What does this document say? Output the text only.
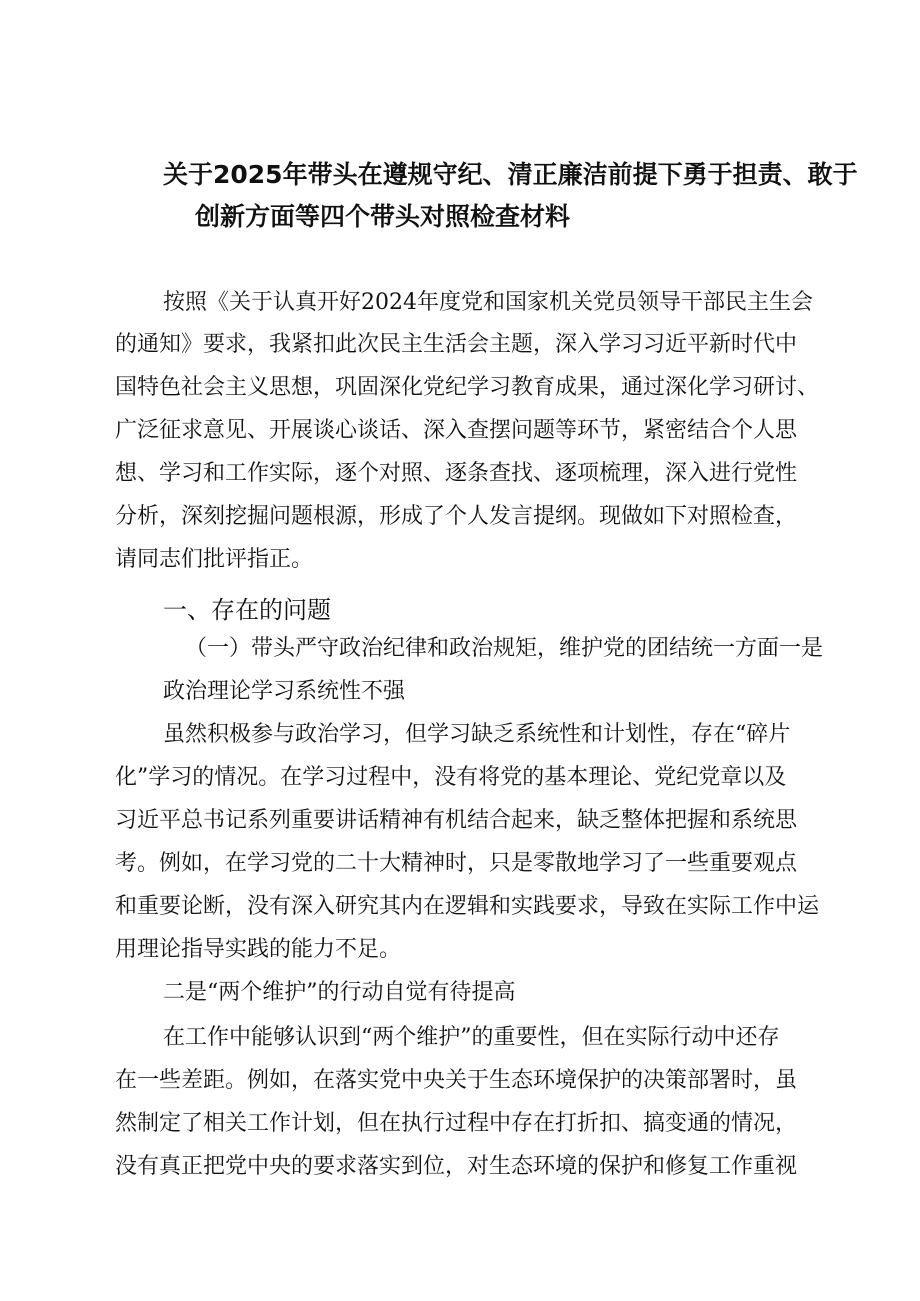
关于2025年带头在遵规守纪、清正廉洁前提下勇于担责、敢于
创新方面等四个带头对照检查材料
按照《关于认真开好2024年度党和国家机关党员领导干部民主生会
的通知》要求，我紧扣此次民主生活会主题，深入学习习近平新时代中
国特色社会主义思想，巩固深化党纪学习教育成果，通过深化学习研讨、
广泛征求意见、开展谈心谈话、深入查摆问题等环节，紧密结合个人思
想、学习和工作实际，逐个对照、逐条查找、逐项梳理，深入进行党性
分析，深刻挖掘问题根源，形成了个人发言提纲。现做如下对照检查，
请同志们批评指正。
一、存在的问题
（一）带头严守政治纪律和政治规矩，维护党的团结统一方面一是
政治理论学习系统性不强
虽然积极参与政治学习，但学习缺乏系统性和计划性，存在“碎片
化”学习的情况。在学习过程中，没有将党的基本理论、党纪党章以及
习近平总书记系列重要讲话精神有机结合起来，缺乏整体把握和系统思
考。例如，在学习党的二十大精神时，只是零散地学习了一些重要观点
和重要论断，没有深入研究其内在逻辑和实践要求，导致在实际工作中运
用理论指导实践的能力不足。
二是“两个维护”的行动自觉有待提高
在工作中能够认识到“两个维护”的重要性，但在实际行动中还存
在一些差距。例如，在落实党中央关于生态环境保护的决策部署时，虽
然制定了相关工作计划，但在执行过程中存在打折扣、搞变通的情况，
没有真正把党中央的要求落实到位，对生态环境的保护和修复工作重视
